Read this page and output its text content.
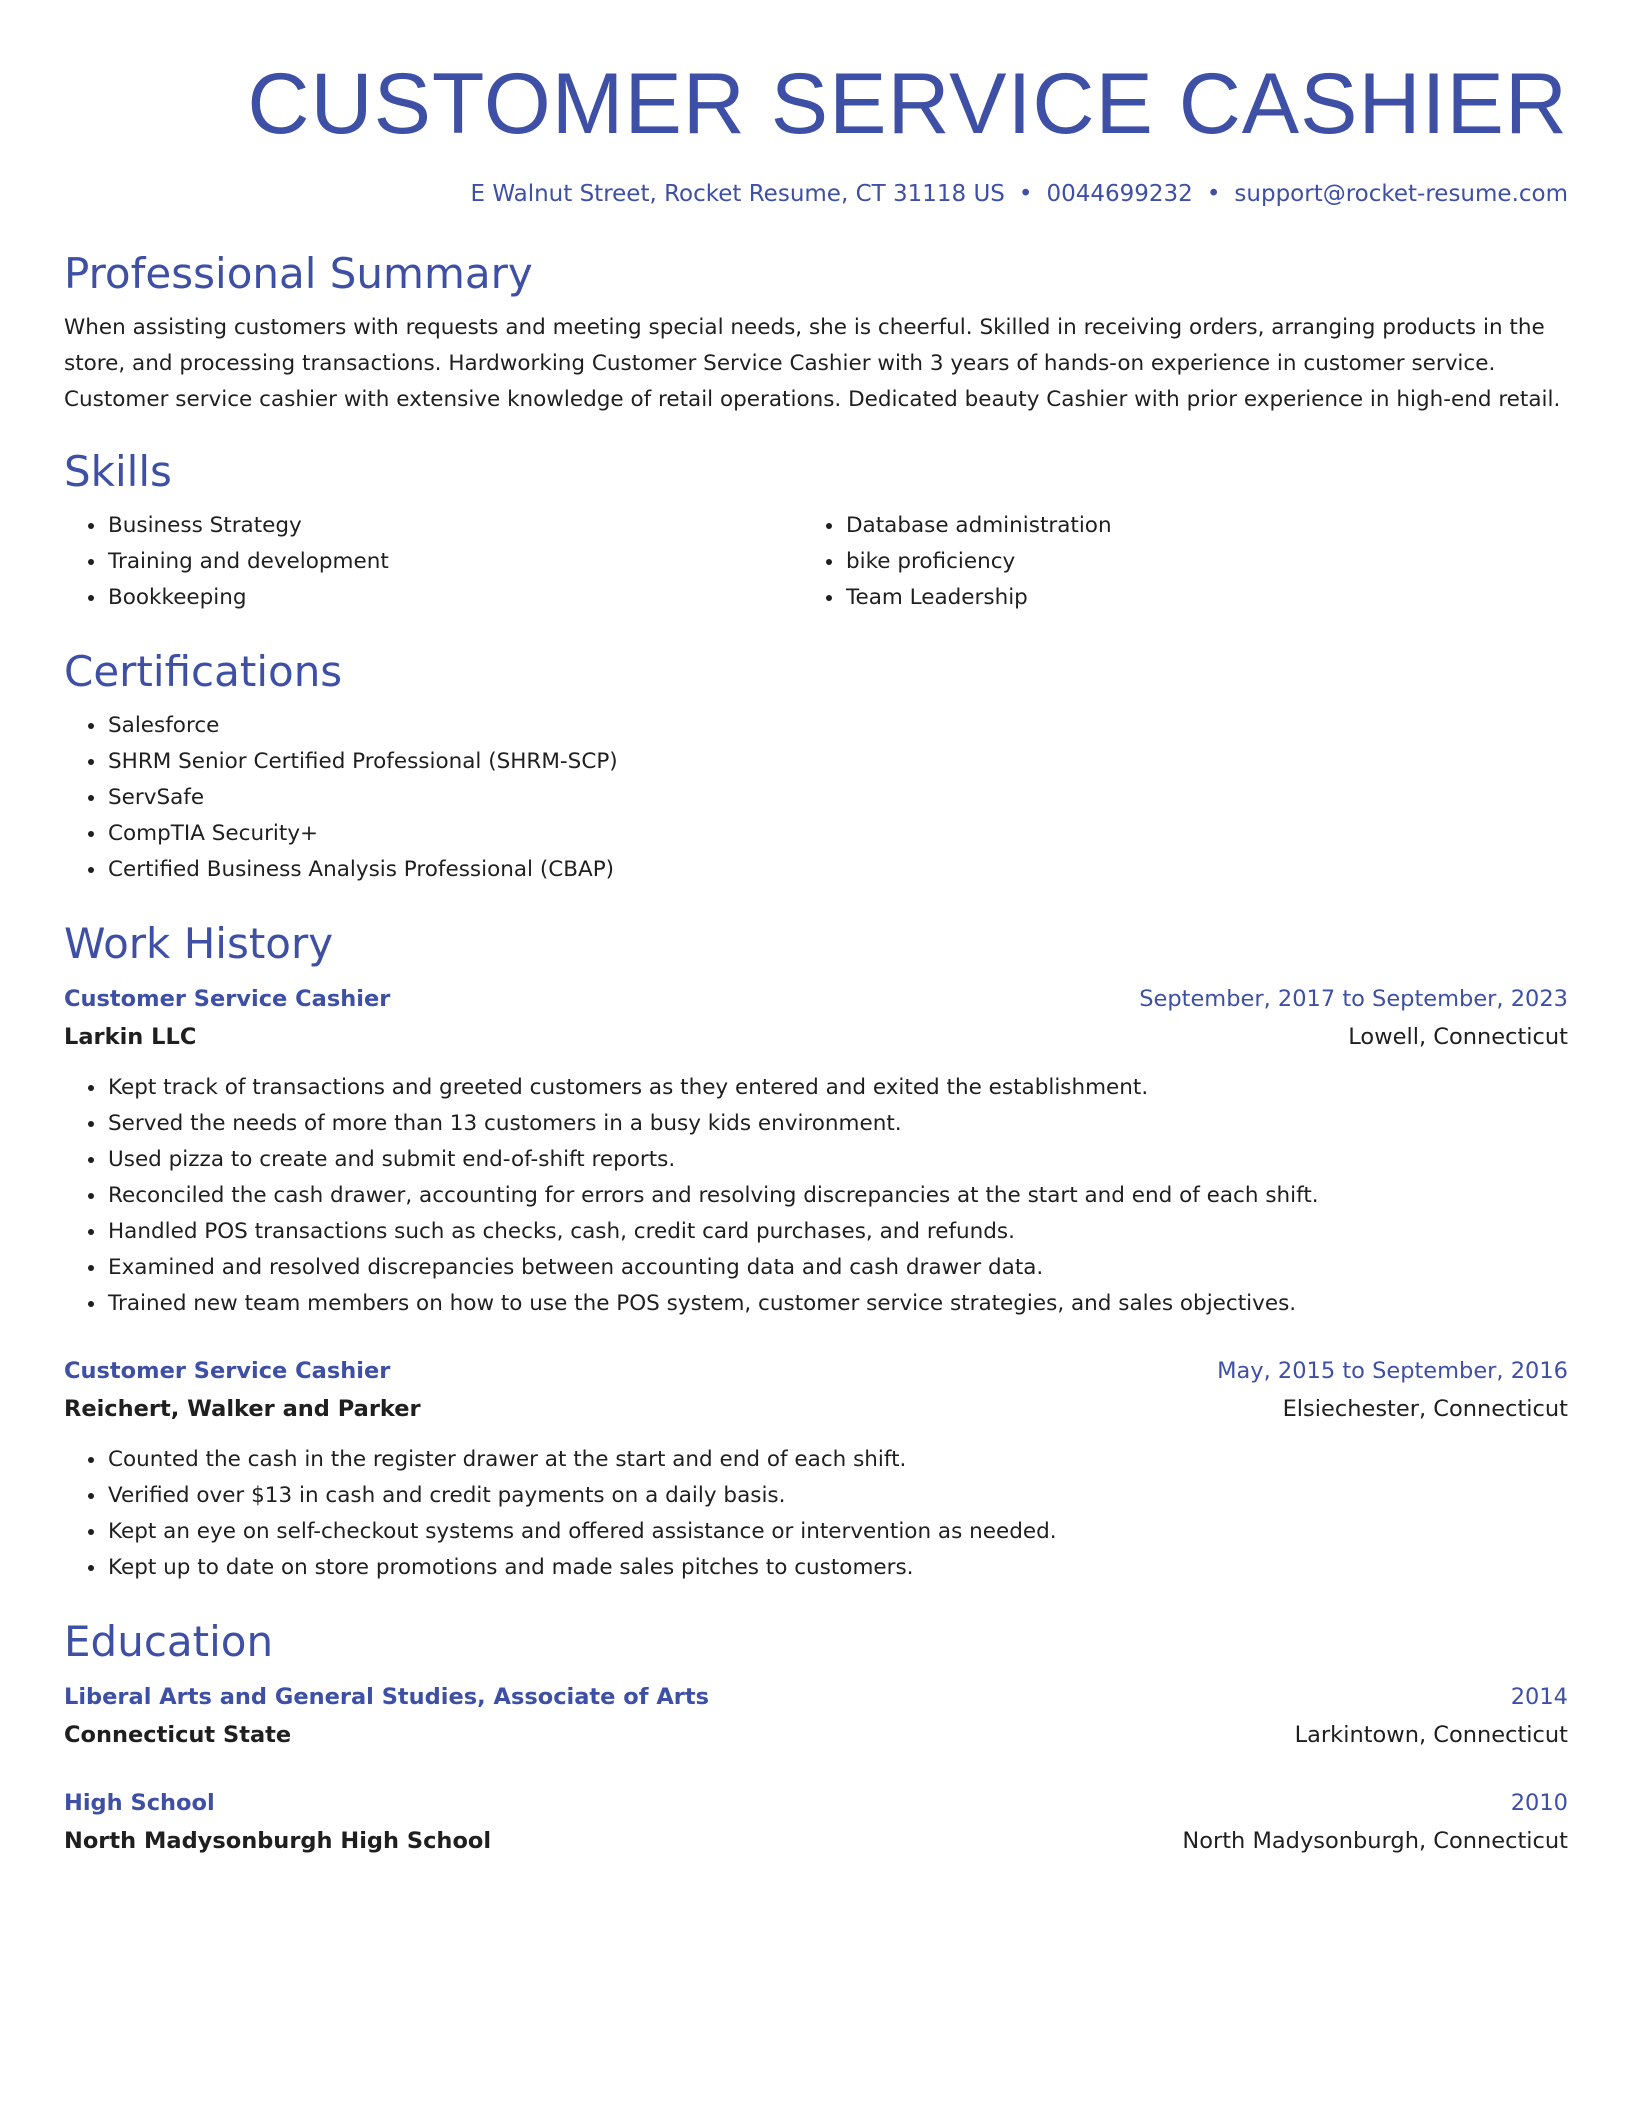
CUSTOMER SERVICE CASHIER
E Walnut Street, Rocket Resume, CT 31118 US • 0044699232 • support@rocket-resume.com
Professional Summary

When assisting customers with requests and meeting special needs, she is cheerful. Skilled in receiving orders, arranging products in the store, and processing transactions. Hardworking Customer Service Cashier with 3 years of hands-on experience in customer service. Customer service cashier with extensive knowledge of retail operations. Dedicated beauty Cashier with prior experience in high-end retail.

Skills
• Business Strategy
• Training and development
• Bookkeeping
• Database administration
• bike proficiency
• Team Leadership
Certifications
• Salesforce
• SHRM Senior Certified Professional (SHRM-SCP)
• ServSafe
• CompTIA Security+
• Certified Business Analysis Professional (CBAP)
Work History
Customer Service Cashier	September, 2017 to September, 2023
Larkin LLC	Lowell, Connecticut
• Kept track of transactions and greeted customers as they entered and exited the establishment.
• Served the needs of more than 13 customers in a busy kids environment.
• Used pizza to create and submit end-of-shift reports.
• Reconciled the cash drawer, accounting for errors and resolving discrepancies at the start and end of each shift.
• Handled POS transactions such as checks, cash, credit card purchases, and refunds.
• Examined and resolved discrepancies between accounting data and cash drawer data.
• Trained new team members on how to use the POS system, customer service strategies, and sales objectives.
Customer Service Cashier	May, 2015 to September, 2016
Reichert, Walker and Parker	Elsiechester, Connecticut
• Counted the cash in the register drawer at the start and end of each shift.
• Verified over $13 in cash and credit payments on a daily basis.
• Kept an eye on self-checkout systems and offered assistance or intervention as needed.
• Kept up to date on store promotions and made sales pitches to customers.
Education
Liberal Arts and General Studies, Associate of Arts	2014
Connecticut State	Larkintown, Connecticut
High School	2010
North Madysonburgh High School	North Madysonburgh, Connecticut
